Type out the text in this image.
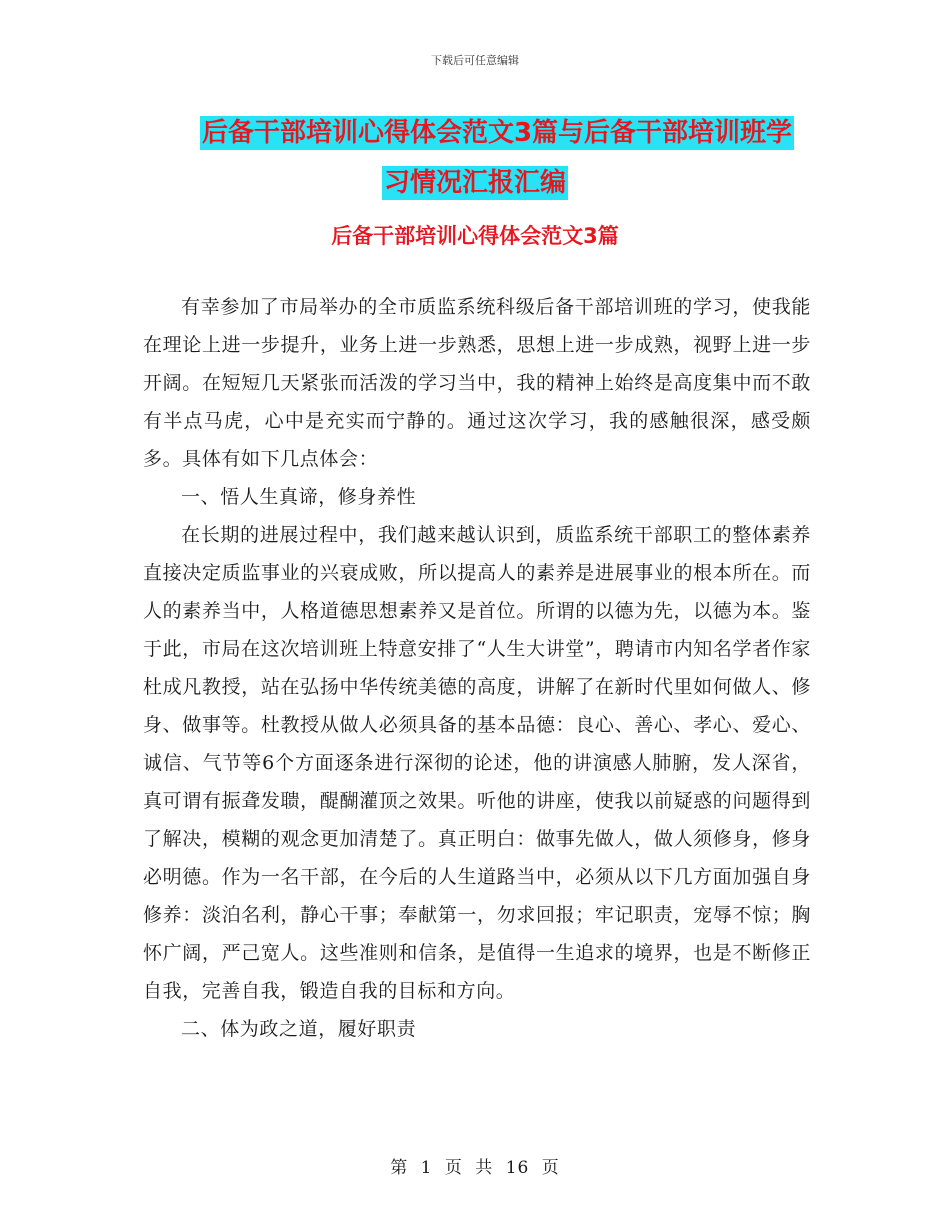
下载后可任意编辑
后备干部培训心得体会范文3篇与后备干部培训班学
习情况汇报汇编
后备干部培训心得体会范文3篇

有幸参加了市局举办的全市质监系统科级后备干部培训班的学习，使我能在理论上进一步提升，业务上进一步熟悉，思想上进一步成熟，视野上进一步开阔。在短短几天紧张而活泼的学习当中，我的精神上始终是高度集中而不敢有半点马虎，心中是充实而宁静的。通过这次学习，我的感触很深，感受颇多。具体有如下几点体会：

一、悟人生真谛，修身养性

在长期的进展过程中，我们越来越认识到，质监系统干部职工的整体素养直接决定质监事业的兴衰成败，所以提高人的素养是进展事业的根本所在。而人的素养当中，人格道德思想素养又是首位。所谓的以德为先，以德为本。鉴于此，市局在这次培训班上特意安排了“人生大讲堂”，聘请市内知名学者作家杜成凡教授，站在弘扬中华传统美德的高度，讲解了在新时代里如何做人、修身、做事等。杜教授从做人必须具备的基本品德：良心、善心、孝心、爱心、诚信、气节等6个方面逐条进行深彻的论述，他的讲演感人肺腑，发人深省，真可谓有振聋发聩，醍醐灌顶之效果。听他的讲座，使我以前疑惑的问题得到了解决，模糊的观念更加清楚了。真正明白：做事先做人，做人须修身，修身必明德。作为一名干部，在今后的人生道路当中，必须从以下几方面加强自身修养：淡泊名利，静心干事；奉献第一，勿求回报；牢记职责，宠辱不惊；胸怀广阔，严己宽人。这些准则和信条，是值得一生追求的境界，也是不断修正自我，完善自我，锻造自我的目标和方向。

二、体为政之道，履好职责

第 1 页 共 16 页
